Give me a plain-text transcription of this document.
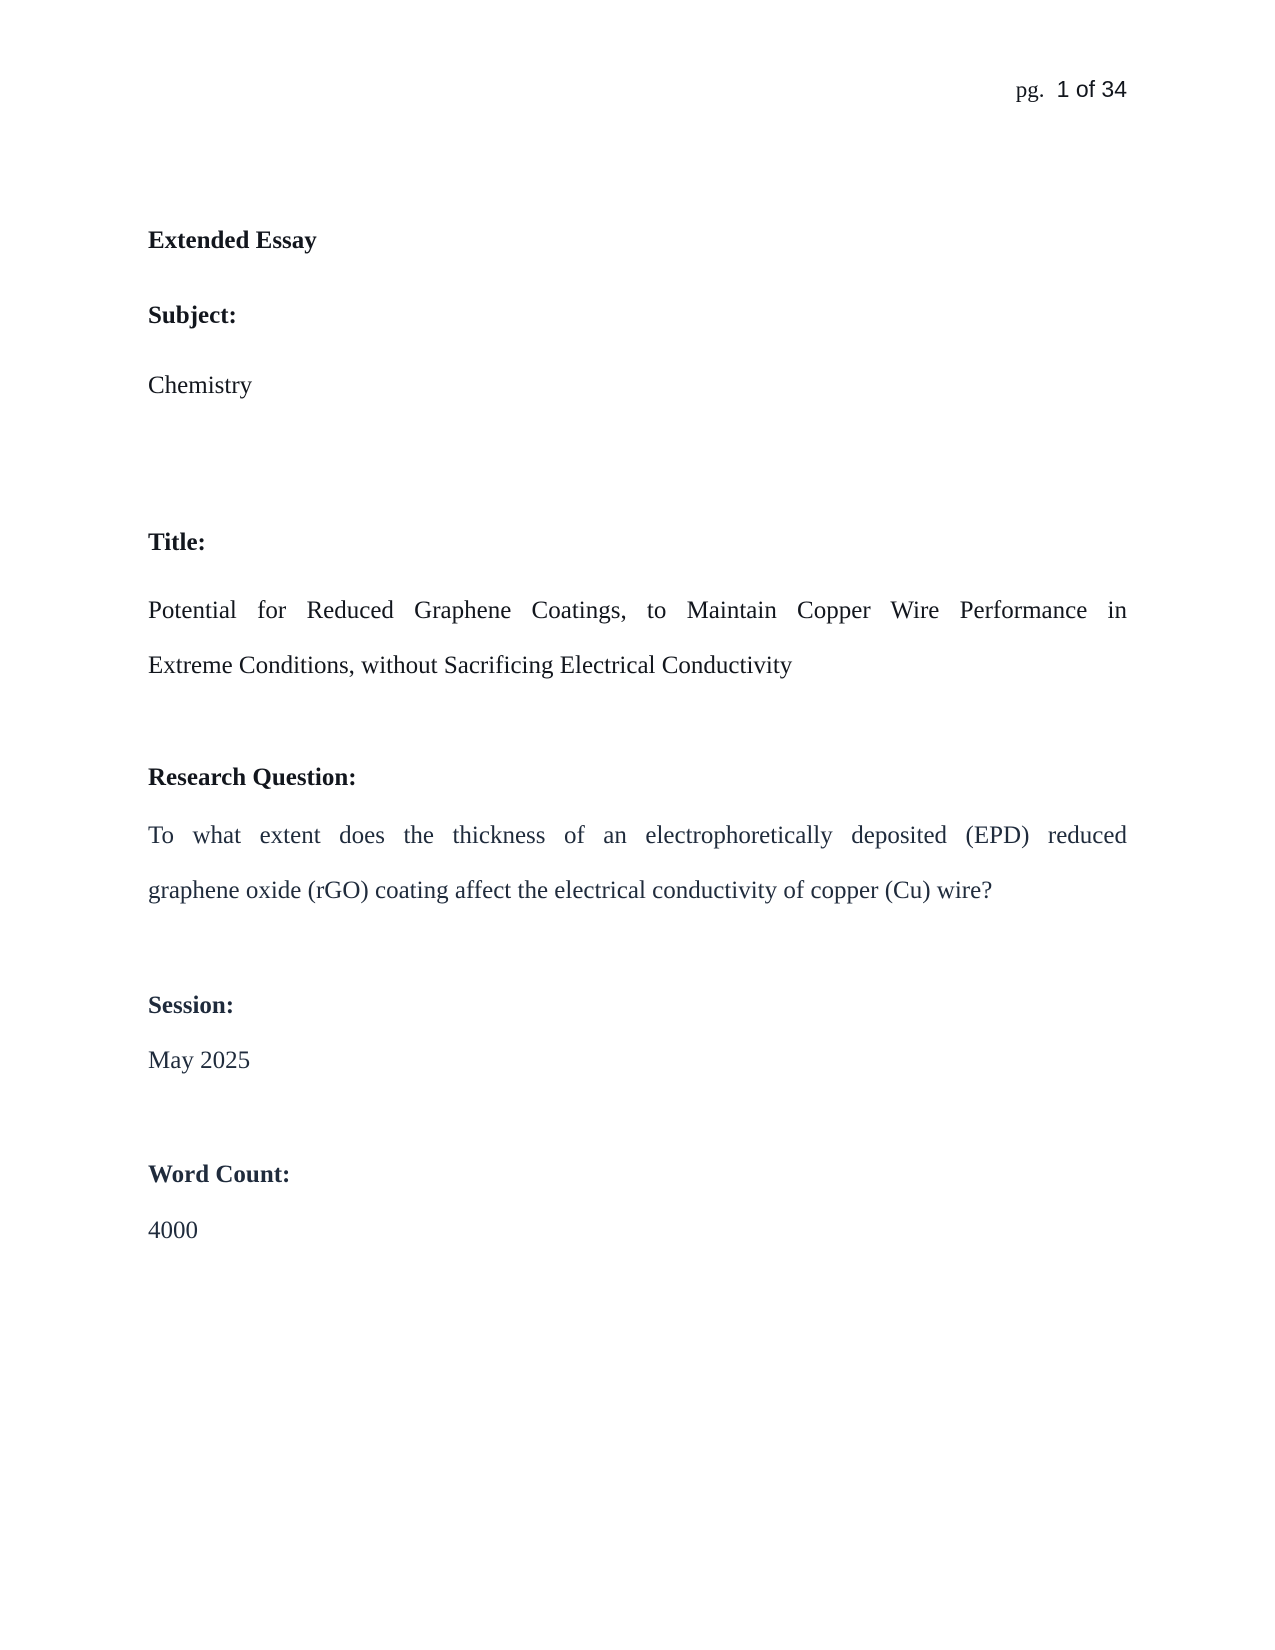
pg. 1 of 34
Extended Essay
Subject:
Chemistry
Title:
Potential for Reduced Graphene Coatings, to Maintain Copper Wire Performance in
Extreme Conditions, without Sacrificing Electrical Conductivity
Research Question:
To what extent does the thickness of an electrophoretically deposited (EPD) reduced
graphene oxide (rGO) coating affect the electrical conductivity of copper (Cu) wire?
Session:
May 2025
Word Count:
4000
